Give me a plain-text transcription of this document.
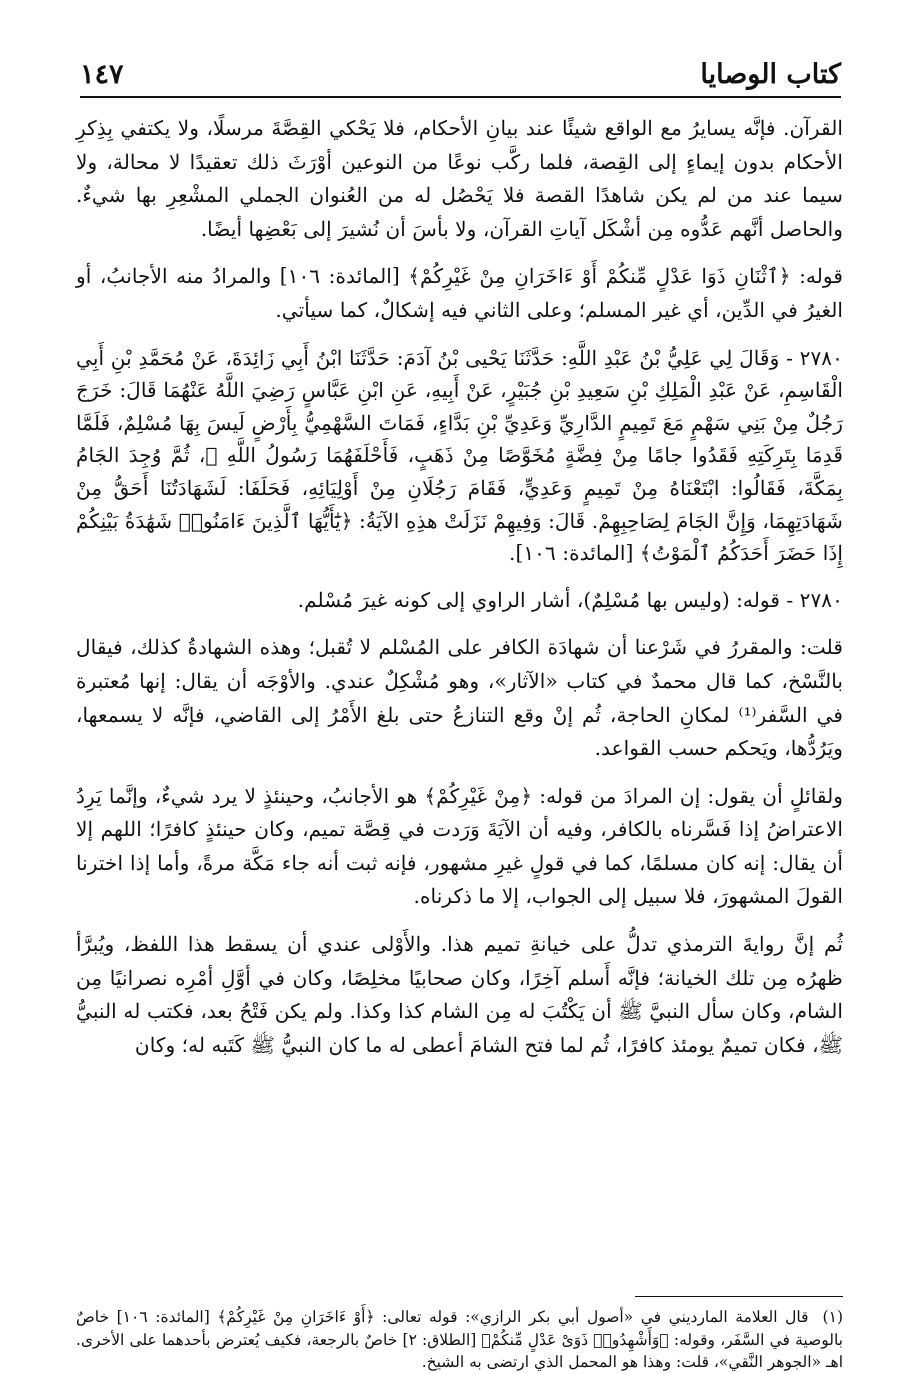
كتاب الوصايا
١٤٧

القرآن. فإنَّه يسايرُ مع الواقع شيئًا عند بيانِ الأحكام، فلا يَحْكي القِصَّةَ مرسلًا، ولا يكتفي بِذِكرِ الأحكام بدون إيماءٍ إلى القِصة، فلما ركَّب نوعًا من النوعين أوْرَثَ ذلك تعقيدًا لا محالة، ولا سيما عند من لم يكن شاهدًا القصة فلا يَحْصُل له من العُنوان الجملي المشْعِرِ بها شيءٌ. والحاصل أنَّهم عَدُّوه مِن أشْكَل آياتِ القرآن، ولا بأسَ أن نُشيرَ إلى بَعْضِها أيضًا.

قوله: ﴿ٱثْنَانِ ذَوَا عَدْلٍ مِّنكُمْ أَوْ ءَاخَرَانِ مِنْ غَيْرِكُمْ﴾ [المائدة: ١٠٦] والمرادُ منه الأجانبُ، أو الغيرُ في الدِّين، أي غير المسلم؛ وعلى الثاني فيه إشكالٌ، كما سيأتي.

٢٧٨٠ - وَقَالَ لِي عَلِيُّ بْنُ عَبْدِ اللَّهِ: حَدَّثَنَا يَحْيى بْنُ آدَمَ: حَدَّثَنَا ابْنُ أَبِي زَائِدَةَ، عَنْ مُحَمَّدِ بْنِ أَبِي الْقَاسِمِ، عَنْ عَبْدِ الْمَلِكِ بْنِ سَعِيدِ بْنِ جُبَيْرٍ، عَنْ أَبِيهِ، عَنِ ابْنِ عَبَّاسٍ رَضِيَ اللَّهُ عَنْهُمَا قَالَ: خَرَجَ رَجُلٌ مِنْ بَنِي سَهْمٍ مَعَ تَمِيمٍ الدَّارِيِّ وَعَدِيِّ بْنِ بَدَّاءٍ، فَمَاتَ السَّهْمِيُّ بِأَرْضٍ لَيسَ بِهَا مُسْلِمٌ، فَلَمَّا قَدِمَا بِتَرِكَتِهِ فَقَدُوا جامًا مِنْ فِضَّةٍ مُخَوَّصًا مِنْ ذَهَبٍ، فَأَحْلَفَهُمَا رَسُولُ اللَّهِ ﷺ، ثُمَّ وُجِدَ الجَامُ بِمَكَّةَ، فَقَالُوا: ابْتَعْنَاهُ مِنْ تَمِيمٍ وَعَدِيٍّ، فَقَامَ رَجُلَانِ مِنْ أَوْلِيَائِهِ، فَحَلَفَا: لَشَهَادَتُنَا أَحَقُّ مِنْ شَهَادَتِهِمَا، وَإِنَّ الجَامَ لِصَاحِبِهِمْ. قَالَ: وَفِيهِمْ نَزَلَتْ هذِهِ الآيَةُ: ﴿يَٰٓأَيُّهَا ٱلَّذِينَ ءَامَنُوا۟ شَهَٰدَةُ بَيْنِكُمْ إِذَا حَضَرَ أَحَدَكُمُ ٱلْمَوْتُ﴾ [المائدة: ١٠٦].

٢٧٨٠ - قوله: (وليس بها مُسْلِمٌ)، أشار الراوي إلى كونه غيرَ مُسْلم.

قلت: والمقررُ في شَرْعنا أن شهادَة الكافر على المُسْلم لا تُقبل؛ وهذه الشهادةُ كذلك، فيقال بالنَّسْخ، كما قال محمدٌ في كتاب «الآثار»، وهو مُشْكِلٌ عندي. والأوْجَه أن يقال: إنها مُعتبرة في السَّفر⁽¹⁾ لمكانِ الحاجة، ثُم إنْ وقع التنازعُ حتى بلغ الأَمْرُ إلى القاضي، فإنَّه لا يسمعها، ويَرُدُّها، ويَحكم حسب القواعد.

ولقائلٍ أن يقول: إن المرادَ من قوله: ﴿مِنْ غَيْرِكُمْ﴾ هو الأجانبُ، وحينئذٍ لا يرد شيءٌ، وإنَّما يَرِدُ الاعتراضُ إذا فَسَّرناه بالكافر، وفيه أن الآيَةَ وَرَدت في قِصَّة تميم، وكان حينئذٍ كافرًا؛ اللهم إلا أن يقال: إنه كان مسلمًا، كما في قولٍ غيرِ مشهور، فإنه ثبت أنه جاء مَكَّة مرةً، وأما إذا اخترنا القولَ المشهورَ، فلا سبيل إلى الجواب، إلا ما ذكرناه.

ثُم إنَّ روايةَ الترمذي تدلُّ على خيانةِ تميم هذا. والأَوْلى عندي أن يسقط هذا اللفظ، ويُبرَّأ ظهرُه مِن تلك الخيانة؛ فإنَّه أَسلم آخِرًا، وكان صحابيًا مخلِصًا، وكان في أوَّلِ أمْرِه نصرانيًا مِن الشام، وكان سأل النبيَّ ﷺ أن يَكْتُبَ له مِن الشام كذا وكذا. ولم يكن فَتْحُ بعد، فكتب له النبيُّ ﷺ، فكان تميمٌ يومئذ كافرًا، ثُم لما فتح الشامَ أعطى له ما كان النبيُّ ﷺ كَتَبه له؛ وكان

(١)قال العلامة الماردیني في «أصول أبي بكر الرازي»: قوله تعالى: ﴿أَوْ ءَاخَرَانِ مِنْ غَيْرِكُمْ﴾ [المائدة: ١٠٦] خاصٌ بالوصية في السَّفَر، وقوله: ﴿وَأَشْهِدُوا۟ ذَوَىْ عَدْلٍ مِّنكُمْ﴾ [الطلاق: ٢] خاصٌ بالرجعة، فكيف يُعترض بأحدهما على الأخرى. اهـ «الجوهر النَّقي»، قلت: وهذا هو المحمل الذي ارتضى به الشيخ.
